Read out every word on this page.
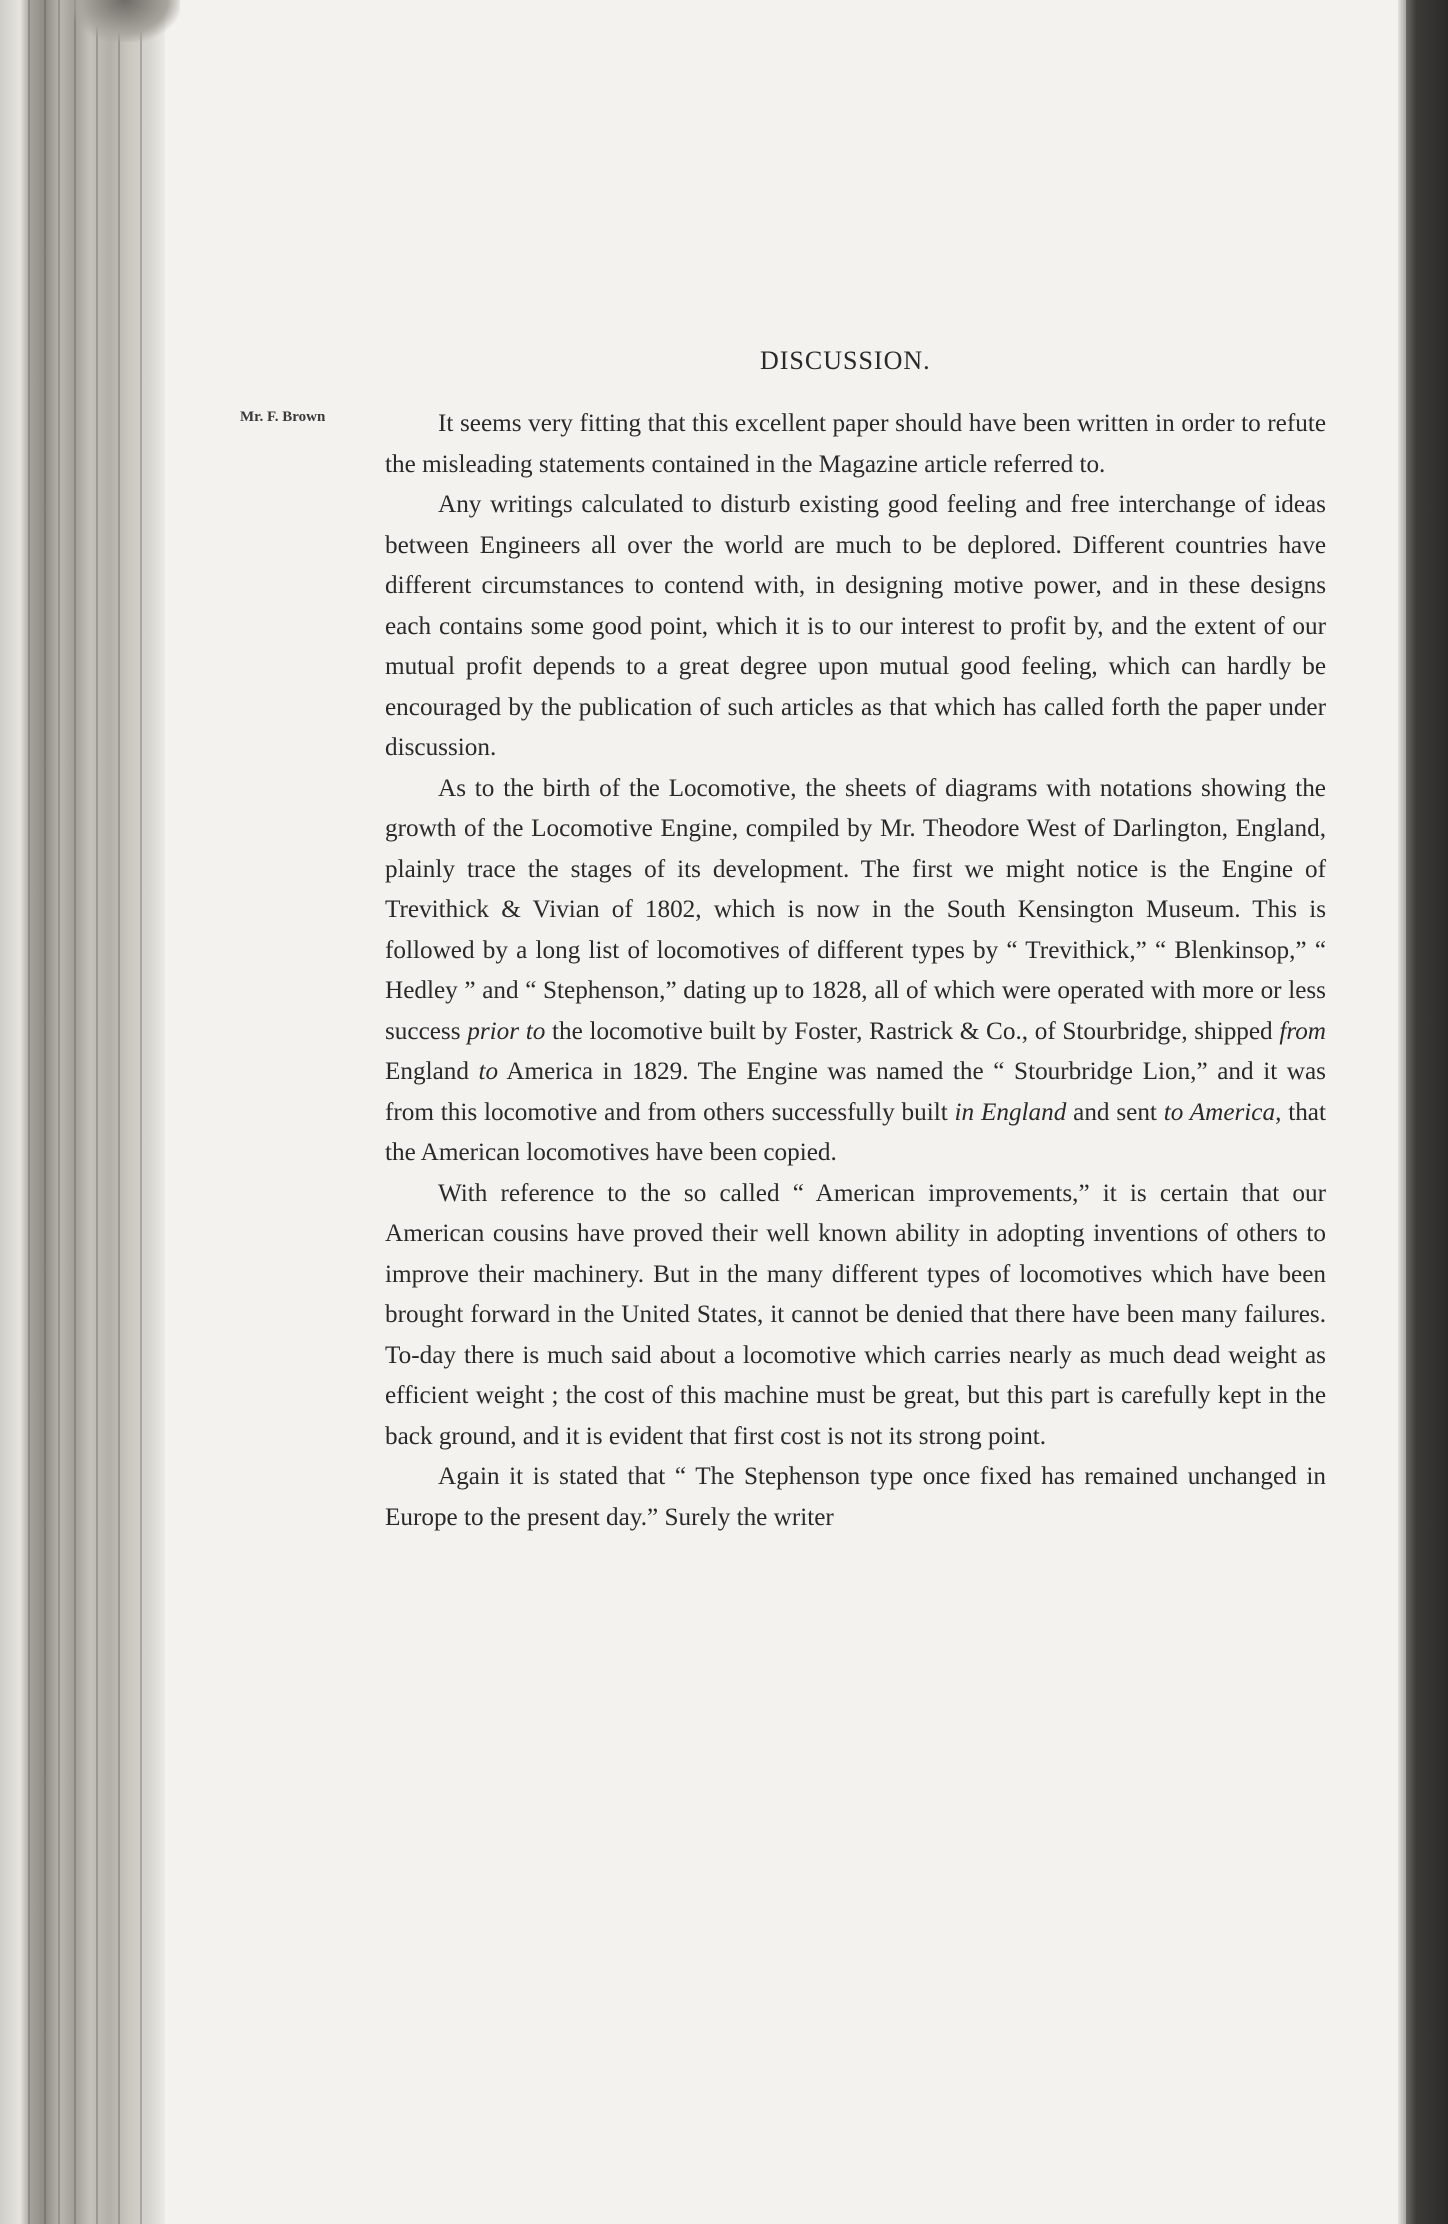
DISCUSSION.
Mr. F. Brown	It seems very fitting that this excellent paper should have been written in order to refute the misleading statements contained in the Magazine article referred to.

Any writings calculated to disturb existing good feeling and free interchange of ideas between Engineers all over the world are much to be deplored. Different countries have different circumstances to contend with, in designing motive power, and in these designs each contains some good point, which it is to our interest to profit by, and the extent of our mutual profit depends to a great degree upon mutual good feeling, which can hardly be encouraged by the publication of such articles as that which has called forth the paper under discussion.

As to the birth of the Locomotive, the sheets of diagrams with notations showing the growth of the Locomotive Engine, compiled by Mr. Theodore West of Darlington, England, plainly trace the stages of its development. The first we might notice is the Engine of Trevithick & Vivian of 1802, which is now in the South Kensington Museum. This is followed by a long list of locomotives of different types by “ Trevithick,” “ Blenkinsop,” “ Hedley ” and “ Stephenson,” dating up to 1828, all of which were operated with more or less success prior to the locomotive built by Foster, Rastrick & Co., of Stourbridge, shipped from England to America in 1829. The Engine was named the “ Stourbridge Lion,” and it was from this locomotive and from others successfully built in England and sent to America, that the American locomotives have been copied.

With reference to the so called “ American improvements,” it is certain that our American cousins have proved their well known ability in adopting inventions of others to improve their machinery. But in the many different types of locomotives which have been brought forward in the United States, it cannot be denied that there have been many failures. To-day there is much said about a locomotive which carries nearly as much dead weight as efficient weight ; the cost of this machine must be great, but this part is carefully kept in the back ground, and it is evident that first cost is not its strong point.

Again it is stated that “ The Stephenson type once fixed has remained unchanged in Europe to the present day.” Surely the writer
